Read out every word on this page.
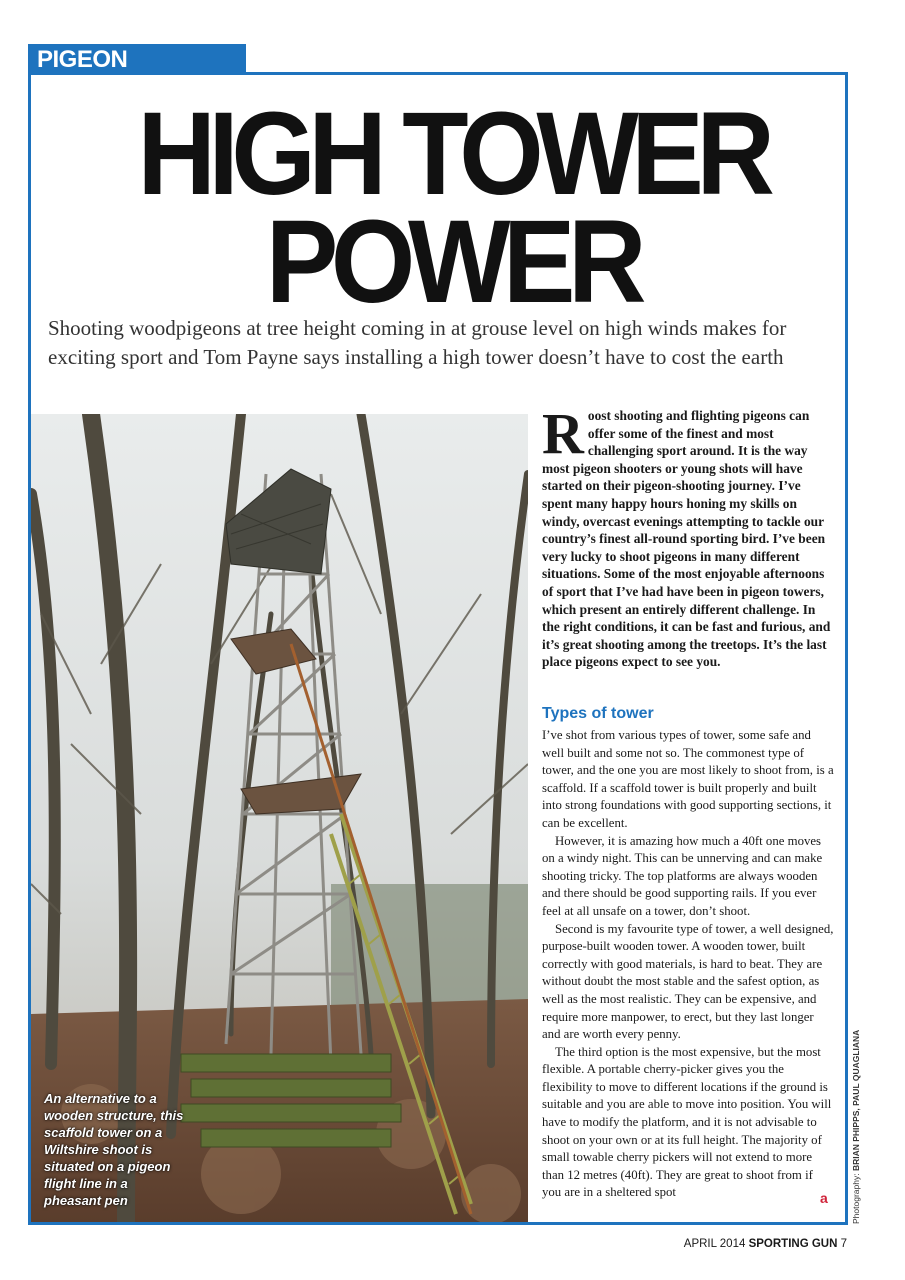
PIGEON SHOOTING
HIGH TOWER
POWER
Shooting woodpigeons at tree height coming in at grouse level on high winds makes for exciting sport and Tom Payne says installing a high tower doesn’t have to cost the earth
An alternative to a wooden structure, this scaffold tower on a Wiltshire shoot is situated on a pigeon flight line in a pheasant pen
Roost shooting and flighting pigeons can offer some of the finest and most challenging sport around. It is the way most pigeon shooters or young shots will have started on their pigeon-shooting journey. I’ve spent many happy hours honing my skills on windy, overcast evenings attempting to tackle our country’s finest all-round sporting bird. I’ve been very lucky to shoot pigeons in many different situations. Some of the most enjoyable afternoons of sport that I’ve had have been in pigeon towers, which present an entirely different challenge. In the right conditions, it can be fast and furious, and it’s great shooting among the treetops. It’s the last place pigeons expect to see you.
Types of tower

I’ve shot from various types of tower, some safe and well built and some not so. The commonest type of tower, and the one you are most likely to shoot from, is a scaffold. If a scaffold tower is built properly and built into strong foundations with good supporting sections, it can be excellent.

However, it is amazing how much a 40ft one moves on a windy night. This can be unnerving and can make shooting tricky. The top platforms are always wooden and there should be good supporting rails. If you ever feel at all unsafe on a tower, don’t shoot.

Second is my favourite type of tower, a well designed, purpose-built wooden tower. A wooden tower, built correctly with good materials, is hard to beat. They are without doubt the most stable and the safest option, as well as the most realistic. They can be expensive, and require more manpower, to erect, but they last longer and are worth every penny.

The third option is the most expensive, but the most flexible. A portable cherry-picker gives you the flexibility to move to different locations if the ground is suitable and you are able to move into position. You will have to modify the platform, and it is not advisable to shoot on your own or at its full height. The majority of small towable cherry pickers will not extend to more than 12 metres (40ft). They are great to shoot from if you are in a sheltered spot	a	Photography: BRIAN PHIPPS, PAUL QUAGLIANA
APRIL 2014 SPORTING GUN 7
